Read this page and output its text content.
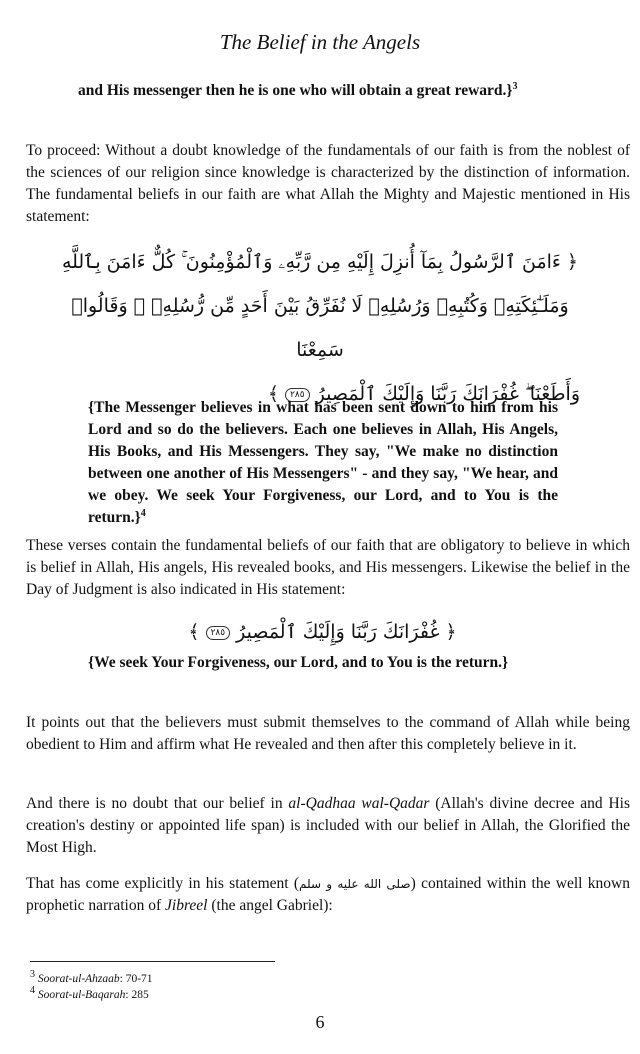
The Belief in the Angels
and His messenger then he is one who will obtain a great reward.}$^3$
To proceed: Without a doubt knowledge of the fundamentals of our faith is from the noblest of the sciences of our religion since knowledge is characterized by the distinction of information. The fundamental beliefs in our faith are what Allah the Mighty and Majestic mentioned in His statement:
﴿ ءَامَنَ ٱلرَّسُولُ بِمَآ أُنزِلَ إِلَيْهِ مِن رَّبِّهِۦ وَٱلْمُؤْمِنُونَ ۚ كُلٌّ ءَامَنَ بِٱللَّهِ
وَمَلَـٰٓئِكَتِهِۦ وَكُتُبِهِۦ وَرُسُلِهِۦ لَا نُفَرِّقُ بَيْنَ أَحَدٍ مِّن رُّسُلِهِۦ ۚ وَقَالُوا۟ سَمِعْنَا
وَأَطَعْنَا ۖ غُفْرَانَكَ رَبَّنَا وَإِلَيْكَ ٱلْمَصِيرُ ٢٨٥ ﴾
{The Messenger believes in what has been sent down to him from his Lord and so do the believers. Each one believes in Allah, His Angels, His Books, and His Messengers. They say, "We make no distinction between one another of His Messengers" - and they say, "We hear, and we obey. We seek Your Forgiveness, our Lord, and to You is the return.}$^4$
These verses contain the fundamental beliefs of our faith that are obligatory to believe in which is belief in Allah, His angels, His revealed books, and His messengers. Likewise the belief in the Day of Judgment is also indicated in His statement:
﴿ غُفْرَانَكَ رَبَّنَا وَإِلَيْكَ ٱلْمَصِيرُ ٢٨٥ ﴾
{We seek Your Forgiveness, our Lord, and to You is the return.}
It points out that the believers must submit themselves to the command of Allah while being obedient to Him and affirm what He revealed and then after this completely believe in it.
And there is no doubt that our belief in al-Qadhaa wal-Qadar (Allah's divine decree and His creation's destiny or appointed life span) is included with our belief in Allah, the Glorified the Most High.
That has come explicitly in his statement (صلى الله عليه و سلم) contained within the well known prophetic narration of Jibreel (the angel Gabriel):
3 Soorat-ul-Ahzaab: 70-71
4 Soorat-ul-Baqarah: 285
6
